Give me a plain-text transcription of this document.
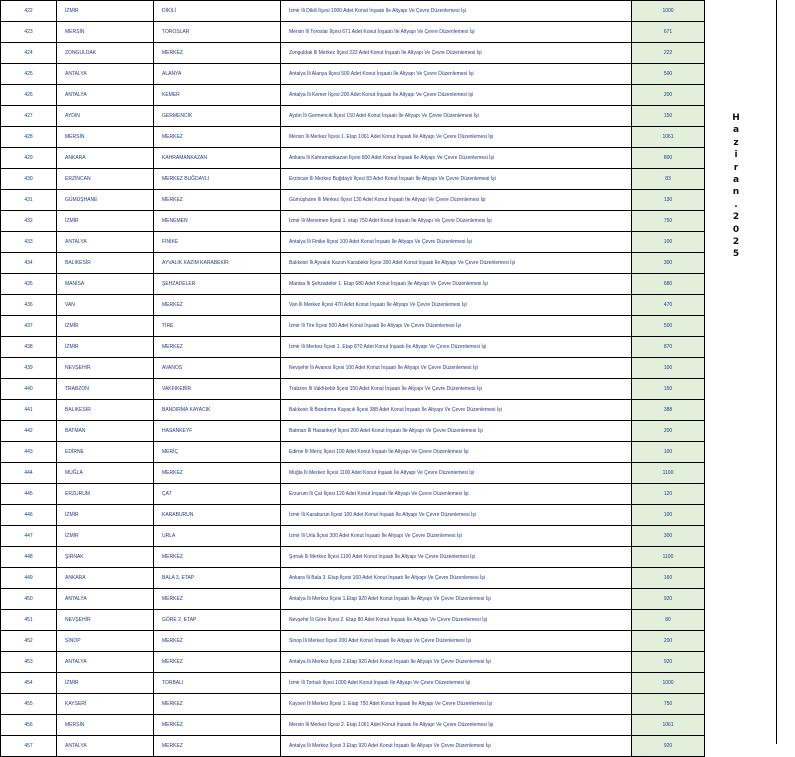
422	İZMİR	DİKİLİ	İzmir İli Dikili İlçesi 1000 Adet Konut İnşaatı İle Altyapı Ve Çevre Düzenlemesi İşi	1000
423	MERSİN	TOROSLAR	Mersin İli Toroslar İlçesi 671 Adet Konut İnşaatı İle Altyapı Ve Çevre Düzenlemesi İşi	671
424	ZONGULDAK	MERKEZ	Zonguldak İli Merkez İlçesi 222 Adet Konut İnşaatı İle Altyapı Ve Çevre Düzenlemesi İşi	222
425	ANTALYA	ALANYA	Antalya İli Alanya İlçesi 500 Adet Konut İnşaatı İle Altyapı Ve Çevre Düzenlemesi İşi	500
426	ANTALYA	KEMER	Antalya İli Kemer İlçesi 200 Adet Konut İnşaatı İle Altyapı Ve Çevre Düzenlemesi İşi	200
427	AYDIN	GERMENCİK	Aydın İli Germencik İlçesi 150 Adet Konut İnşaatı İle Altyapı Ve Çevre Düzenlemesi İşi	150
428	MERSİN	MERKEZ	Mersin İli Merkez İlçesi 1. Etap 1061 Adet Konut İnşaatı İle Altyapı Ve Çevre Düzenlemesi İşi	1061
429	ANKARA	KAHRAMANKAZAN	Ankara İli Kahramankazan İlçesi 800 Adet Konut İnşaatı İle Altyapı Ve Çevre Düzenlemesi İşi	800
430	ERZİNCAN	MERKEZ BUĞDAYLI	Erzincan İli Merkez Buğdaylı İlçesi 83 Adet Konut İnşaatı İle Altyapı Ve Çevre Düzenlemesi İşi	83
431	GÜMÜŞHANE	MERKEZ	Gümüşhane İli Merkez İlçesi 130 Adet Konut İnşaatı İle Altyapı Ve Çevre Düzenlemesi İşi	130
432	İZMİR	MENEMEN	İzmir İli Menemen İlçesi 1. etap 750 Adet Konut İnşaatı İle Altyapı Ve Çevre Düzenlemesi İşi	750
433	ANTALYA	FİNİKE	Antalya İli Finike İlçesi 100 Adet Konut İnşaatı İle Altyapı Ve Çevre Düzenlemesi İşi	100
434	BALIKESİR	AYVALIK KAZIM KARABEKİR	Balıkesir İli Ayvalık Kazım Karabekir İlçesi 300 Adet Konut İnşaatı İle Altyapı Ve Çevre Düzenlemesi İşi	300
435	MANİSA	ŞEHZADELER	Manisa İli Şehzadeler 1. Etap 680 Adet Konut İnşaatı İle Altyapı Ve Çevre Düzenlemesi İşi	680
436	VAN	MERKEZ	Van İli Merkez İlçesi 470 Adet Konut İnşaatı İle Altyapı Ve Çevre Düzenlemesi İşi	470
437	İZMİR	TİRE	İzmir İli Tire İlçesi 500 Adet Konut İnşaatı İle Altyapı Ve Çevre Düzenlemesi İşi	500
438	İZMİR	MERKEZ	İzmir İli Merkez İlçesi 1. Etap 870 Adet Konut İnşaatı İle Altyapı Ve Çevre Düzenlemesi İşi	870
439	NEVŞEHİR	AVANOS	Nevşehir İli Avanos İlçesi 100 Adet Konut İnşaatı İle Altyapı Ve Çevre Düzenlemesi İşi	100
440	TRABZON	VAKFIKEBİR	Trabzon İli Vakfıkebir İlçesi 150 Adet Konut İnşaatı İle Altyapı Ve Çevre Düzenlemesi İşi	150
441	BALIKESİR	BANDIRMA KAYACIK	Balıkesir İli Bandırma Kayacık İlçesi 388 Adet Konut İnşaatı İle Altyapı Ve Çevre Düzenlemesi İşi	388
442	BATMAN	HASANKEYF	Batman İli Hasankeyf İlçesi 200 Adet Konut İnşaatı İle Altyapı Ve Çevre Düzenlemesi İşi	200
443	EDİRNE	MERİÇ	Edirne İli Meriç İlçesi 100 Adet Konut İnşaatı İle Altyapı Ve Çevre Düzenlemesi İşi	100
444	MUĞLA	MERKEZ	Muğla İli Merkez İlçesi 1100 Adet Konut İnşaatı İle Altyapı Ve Çevre Düzenlemesi İşi	1100
445	ERZURUM	ÇAT	Erzurum İli Çat İlçesi 120 Adet Konut İnşaatı İle Altyapı Ve Çevre Düzenlemesi İşi	120
446	İZMİR	KARABURUN	İzmir İli Karaburun İlçesi 100 Adet Konut İnşaatı İle Altyapı Ve Çevre Düzenlemesi İşi	100
447	İZMİR	URLA	İzmir İli Urla İlçesi 300 Adet Konut İnşaatı İle Altyapı Ve Çevre Düzenlemesi İşi	300
448	ŞIRNAK	MERKEZ	Şırnak İli Merkez İlçesi 1100 Adet Konut İnşaatı İle Altyapı Ve Çevre Düzenlemesi İşi	1100
449	ANKARA	BALA 3. ETAP	Ankara İli Bala 3. Etap İlçesi 160 Adet Konut İnşaatı İle Altyapı Ve Çevre Düzenlemesi İşi	160
450	ANTALYA	MERKEZ	Antalya İli Merkez İlçesi 1.Etap 920 Adet Konut İnşaatı İle Altyapı Ve Çevre Düzenlemesi İşi	920
451	NEVŞEHİR	GÖRE 2. ETAP	Nevşehir İli Göre İlçesi 2. Etap 80 Adet Konut İnşaatı İle Altyapı Ve Çevre Düzenlemesi İşi	80
452	SİNOP	MERKEZ	Sinop İli Merkez İlçesi 200 Adet Konut İnşaatı İle Altyapı Ve Çevre Düzenlemesi İşi	200
453	ANTALYA	MERKEZ	Antalya İli Merkez İlçesi 2.Etap 920 Adet Konut İnşaatı İle Altyapı Ve Çevre Düzenlemesi İşi	920
454	İZMİR	TORBALI	İzmir İli Torbalı İlçesi 1000 Adet Konut İnşaatı İle Altyapı Ve Çevre Düzenlemesi İşi	1000
455	KAYSERİ	MERKEZ	Kayseri İli Merkez İlçesi 1. Etap 750 Adet Konut İnşaatı İle Altyapı Ve Çevre Düzenlemesi İşi	750
456	MERSİN	MERKEZ	Mersin İli Merkez İlçesi 2. Etap 1061 Adet Konut İnşaatı İle Altyapı Ve Çevre Düzenlemesi İşi	1061
457	ANTALYA	MERKEZ	Antalya İli Merkez İlçesi 3.Etap 920 Adet Konut İnşaatı İle Altyapı Ve Çevre Düzenlemesi İşi	920
H
a
z
i
r
a
n
.
2
0
2
5
